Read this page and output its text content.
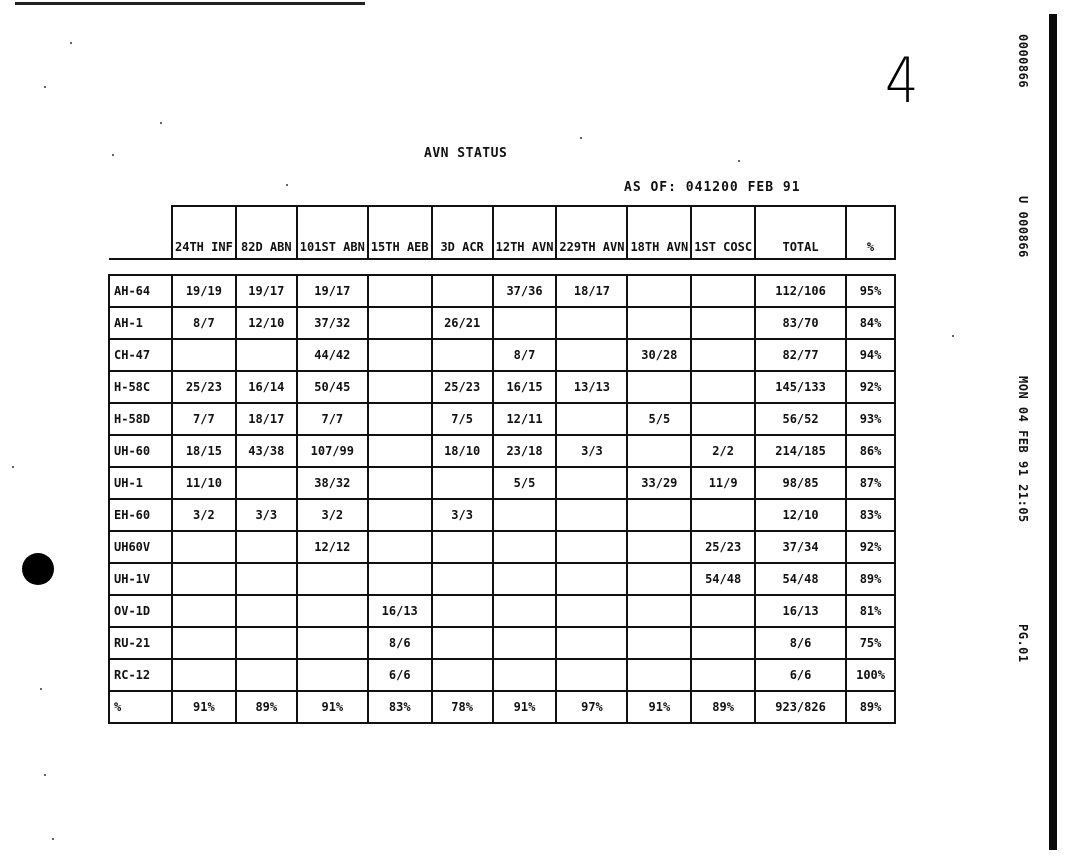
4
AVN STATUS
AS OF: 041200 FEB 91
0000866
U 000866
MON 04 FEB 91 21:05
PG.01
	24TH INF	82D ABN	101ST ABN	15TH AEB	3D ACR	12TH AVN	229TH AVN	18TH AVN	1ST COSC	TOTAL	%

AH-64	19/19	19/17	19/17			37/36	18/17			112/106	95%
AH-1	8/7	12/10	37/32		26/21					83/70	84%
CH-47			44/42			8/7		30/28		82/77	94%
H-58C	25/23	16/14	50/45		25/23	16/15	13/13			145/133	92%
H-58D	7/7	18/17	7/7		7/5	12/11		5/5		56/52	93%
UH-60	18/15	43/38	107/99		18/10	23/18	3/3		2/2	214/185	86%
UH-1	11/10		38/32			5/5		33/29	11/9	98/85	87%
EH-60	3/2	3/3	3/2		3/3					12/10	83%
UH60V			12/12						25/23	37/34	92%
UH-1V									54/48	54/48	89%
OV-1D				16/13						16/13	81%
RU-21				8/6						8/6	75%
RC-12				6/6						6/6	100%
%	91%	89%	91%	83%	78%	91%	97%	91%	89%	923/826	89%
